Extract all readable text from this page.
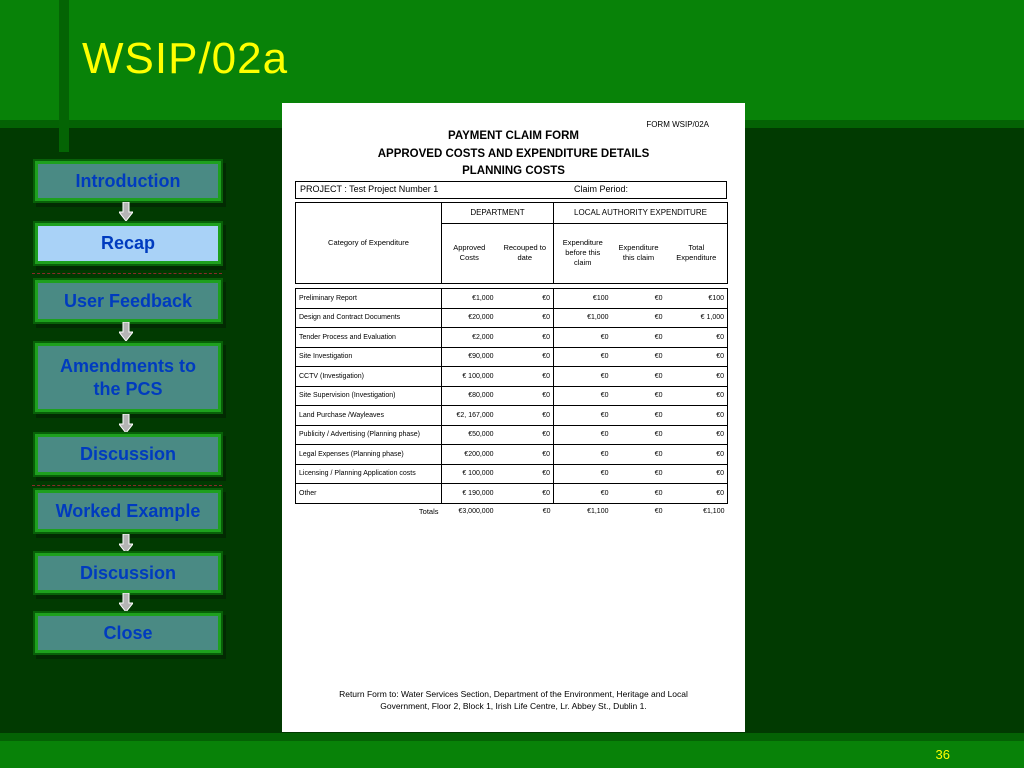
WSIP/02a
Introduction
Recap
User Feedback
Amendments to the PCS
Discussion
Worked Example
Discussion
Close
FORM WSIP/02A
PAYMENT CLAIM FORM
APPROVED COSTS AND EXPENDITURE DETAILS
PLANNING COSTS
PROJECT : Test Project Number 1	Claim Period:
Category of Expenditure	DEPARTMENT		LOCAL AUTHORITY EXPENDITURE		
	Approved Costs	Recouped to date	Expenditure before this claim	Expenditure this claim	Total Expenditure

Preliminary Report	€1,000	€0	€100	€0	€100
Design and Contract Documents	€20,000	€0	€1,000	€0	€ 1,000
Tender Process and Evaluation	€2,000	€0	€0	€0	€0
Site Investigation	€90,000	€0	€0	€0	€0
CCTV (Investigation)	€ 100,000	€0	€0	€0	€0
Site Supervision (Investigation)	€80,000	€0	€0	€0	€0
Land Purchase /Wayleaves	€2, 167,000	€0	€0	€0	€0
Publicity / Advertising (Planning phase)	€50,000	€0	€0	€0	€0
Legal Expenses (Planning phase)	€200,000	€0	€0	€0	€0
Licensing / Planning Application costs	€ 100,000	€0	€0	€0	€0
Other	€ 190,000	€0	€0	€0	€0
Totals	€3,000,000	€0	€1,100	€0	€1,100
Return Form to: Water Services Section, Department of the Environment, Heritage and Local
Government, Floor 2, Block 1, Irish Life Centre, Lr. Abbey St., Dublin 1.
36
